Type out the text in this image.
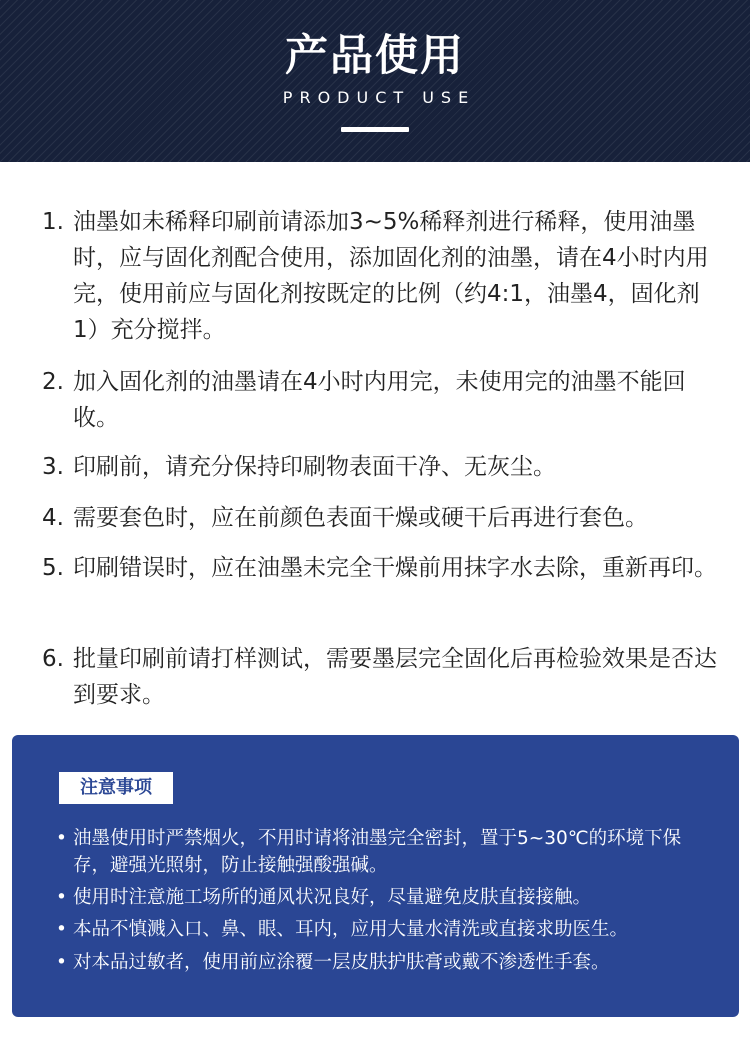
产品使用
PRODUCT USE
1. 油墨如未稀释印刷前请添加3~5%稀释剂进行稀释，使用油墨时，应与固化剂配合使用，添加固化剂的油墨，请在4小时内用完，使用前应与固化剂按既定的比例（约4:1，油墨4，固化剂1）充分搅拌。
2. 加入固化剂的油墨请在4小时内用完，未使用完的油墨不能回收。
3. 印刷前，请充分保持印刷物表面干净、无灰尘。
4. 需要套色时，应在前颜色表面干燥或硬干后再进行套色。
5. 印刷错误时，应在油墨未完全干燥前用抹字水去除，重新再印。
6. 批量印刷前请打样测试，需要墨层完全固化后再检验效果是否达到要求。
注意事项
• 油墨使用时严禁烟火，不用时请将油墨完全密封，置于5~30℃的环境下保存，避强光照射，防止接触强酸强碱。
• 使用时注意施工场所的通风状况良好，尽量避免皮肤直接接触。
• 本品不慎溅入口、鼻、眼、耳内，应用大量水清洗或直接求助医生。
• 对本品过敏者，使用前应涂覆一层皮肤护肤膏或戴不渗透性手套。
